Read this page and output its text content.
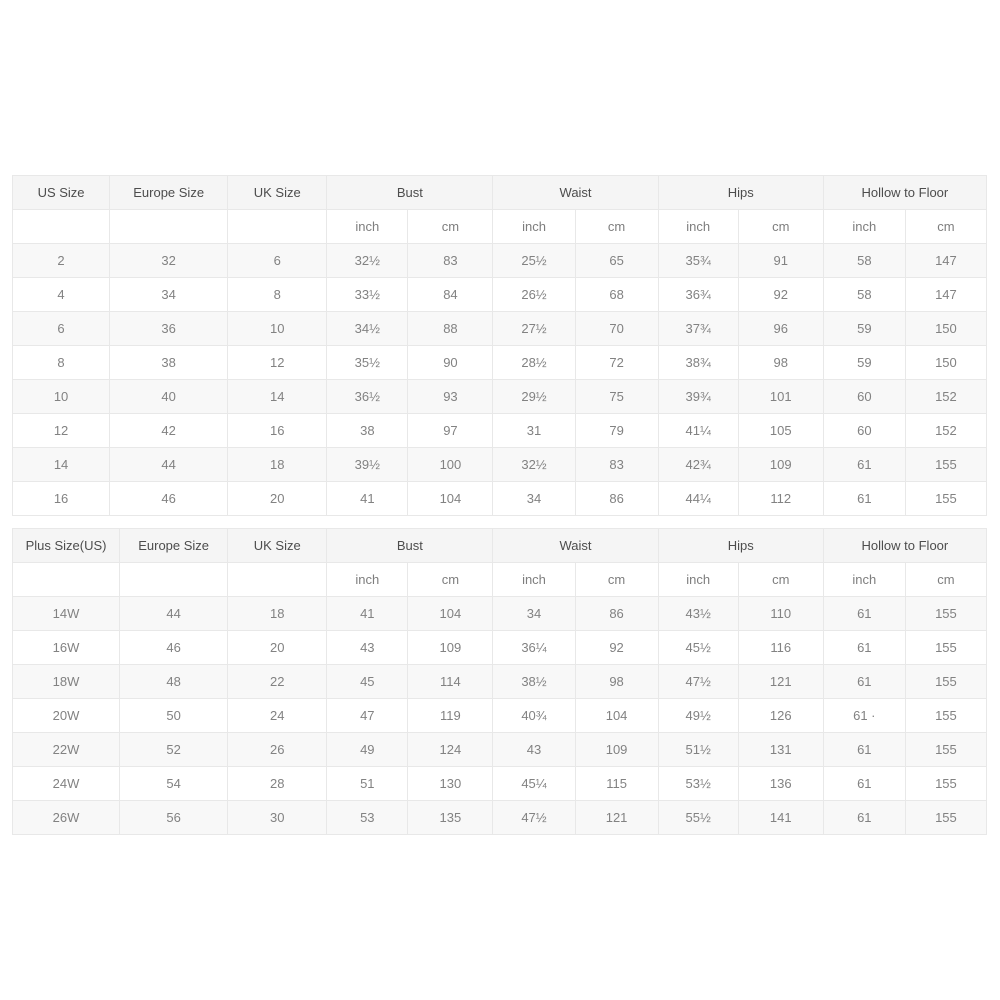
US Size	Europe Size	UK Size	Bust		Waist		Hips		Hollow to Floor	
			inch	cm	inch	cm	inch	cm	inch	cm
2	32	6	32½	83	25½	65	35¾	91	58	147
4	34	8	33½	84	26½	68	36¾	92	58	147
6	36	10	34½	88	27½	70	37¾	96	59	150
8	38	12	35½	90	28½	72	38¾	98	59	150
10	40	14	36½	93	29½	75	39¾	101	60	152
12	42	16	38	97	31	79	41¼	105	60	152
14	44	18	39½	100	32½	83	42¾	109	61	155
16	46	20	41	104	34	86	44¼	112	61	155
Plus Size(US)	Europe Size	UK Size	Bust		Waist		Hips		Hollow to Floor	
			inch	cm	inch	cm	inch	cm	inch	cm
14W	44	18	41	104	34	86	43½	110	61	155
16W	46	20	43	109	36¼	92	45½	116	61	155
18W	48	22	45	114	38½	98	47½	121	61	155
20W	50	24	47	119	40¾	104	49½	126	61 ·	155
22W	52	26	49	124	43	109	51½	131	61	155
24W	54	28	51	130	45¼	115	53½	136	61	155
26W	56	30	53	135	47½	121	55½	141	61	155
